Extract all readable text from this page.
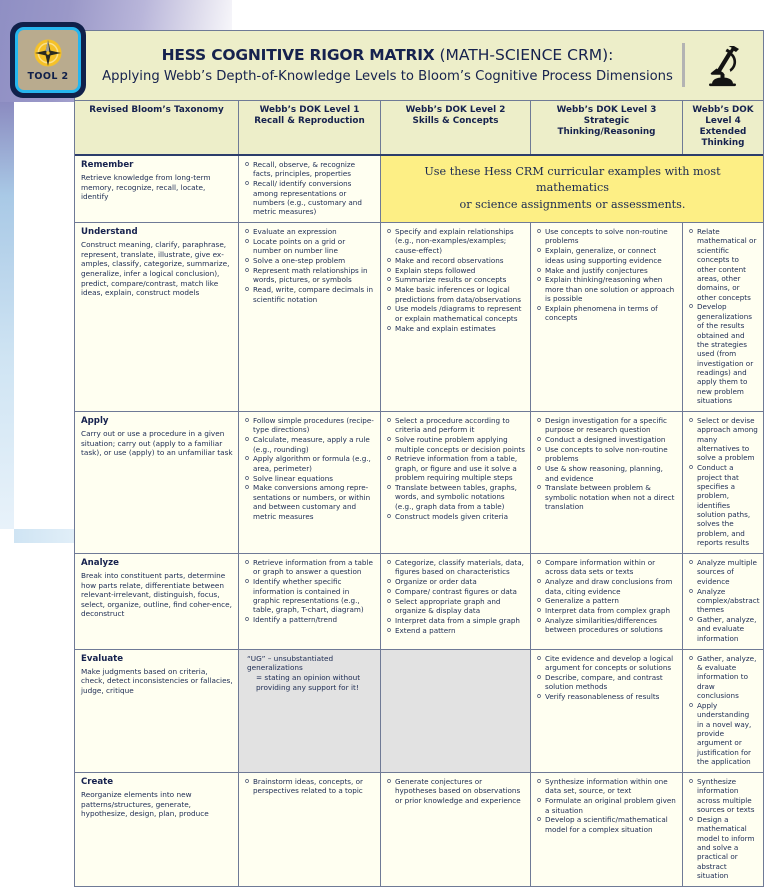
TOOL 2
HESS COGNITIVE RIGOR MATRIX (MATH-SCIENCE CRM):
Applying Webb’s Depth-of-Knowledge Levels to Bloom’s Cognitive Process Dimensions
Revised Bloom’s Taxonomy	Webb’s DOK Level 1
Recall & Reproduction
Webb’s DOK Level 2
Skills & Concepts
Webb’s DOK Level 3
Strategic Thinking/Reasoning
Webb’s DOK Level 4
Extended Thinking
Remember
Retrieve knowledge from long-term memory, recognize, recall, locate, identify
o Recall, observe, & recognize facts, principles, properties
o Recall/ identify conversions among representations or numbers (e.g., customary and metric measures)
Use these Hess CRM curricular examples with most mathematics
or science assignments or assessments.
Understand
Construct meaning, clarify, paraphrase, represent, translate, illustrate, give ex-amples, classify, categorize, summarize, generalize, infer a logical conclusion), predict, compare/contrast, match like ideas, explain, construct models
o Evaluate an expression
o Locate points on a grid or number on number line
o Solve a one-step problem
o Represent math relationships in words, pictures, or symbols
o Read, write, compare decimals in scientific notation
o Specify and explain relationships (e.g., non-examples/examples; cause-effect)
o Make and record observations
o Explain steps followed
o Summarize results or concepts
o Make basic inferences or logical predictions from data/observations
o Use models /diagrams to represent or explain mathematical concepts
o Make and explain estimates
o Use concepts to solve non-routine problems
o Explain, generalize, or connect ideas using supporting evidence
o Make and justify conjectures
o Explain thinking/reasoning when more than one solution or approach is possible
o Explain phenomena in terms of concepts
o Relate mathematical or scientific concepts to other content areas, other domains, or other concepts
o Develop generalizations of the results obtained and the strategies used (from investigation or readings) and apply them to new problem situations
Apply
Carry out or use a procedure in a given situation; carry out (apply to a familiar task), or use (apply) to an unfamiliar task
o Follow simple procedures (recipe-type directions)
o Calculate, measure, apply a rule (e.g., rounding)
o Apply algorithm or formula (e.g., area, perimeter)
o Solve linear equations
o Make conversions among repre-sentations or numbers, or within and between customary and metric measures
o Select a procedure according to criteria and perform it
o Solve routine problem applying multiple concepts or decision points
o Retrieve information from a table, graph, or figure and use it solve a problem requiring multiple steps
o Translate between tables, graphs, words, and symbolic notations (e.g., graph data from a table)
o Construct models given criteria
o Design investigation for a specific purpose or research question
o Conduct a designed investigation
o Use concepts to solve non-routine problems
o Use & show reasoning, planning, and evidence
o Translate between problem & symbolic notation when not a direct translation
o Select or devise approach among many alternatives to solve a problem
o Conduct a project that specifies a problem, identifies solution paths, solves the problem, and reports results
Analyze
Break into constituent parts, determine how parts relate, differentiate between relevant-irrelevant, distinguish, focus, select, organize, outline, find coher-ence, deconstruct
o Retrieve information from a table or graph to answer a question
o Identify whether specific information is contained in graphic representations (e.g., table, graph, T-chart, diagram)
o Identify a pattern/trend
o Categorize, classify materials, data, figures based on characteristics
o Organize or order data
o Compare/ contrast figures or data
o Select appropriate graph and organize & display data
o Interpret data from a simple graph
o Extend a pattern
o Compare information within or across data sets or texts
o Analyze and draw conclusions from data, citing evidence
o Generalize a pattern
o Interpret data from complex graph
o Analyze similarities/differences between procedures or solutions
o Analyze multiple sources of evidence
o Analyze complex/abstract themes
o Gather, analyze, and evaluate information
Evaluate
Make judgments based on criteria, check, detect inconsistencies or fallacies, judge, critique
“UG” – unsubstantiated generalizations
= stating an opinion without
providing any support for it!
o Cite evidence and develop a logical argument for concepts or solutions
o Describe, compare, and contrast solution methods
o Verify reasonableness of results
o Gather, analyze, & evaluate information to draw conclusions
o Apply understanding in a novel way, provide argument or justification for the application
Create
Reorganize elements into new patterns/structures, generate, hypothesize, design, plan, produce
o Brainstorm ideas, concepts, or perspectives related to a topic
o Generate conjectures or hypotheses based on observations or prior knowledge and experience
o Synthesize information within one data set, source, or text
o Formulate an original problem given a situation
o Develop a scientific/mathematical model for a complex situation
o Synthesize information across multiple sources or texts
o Design a mathematical model to inform and solve a practical or abstract situation
